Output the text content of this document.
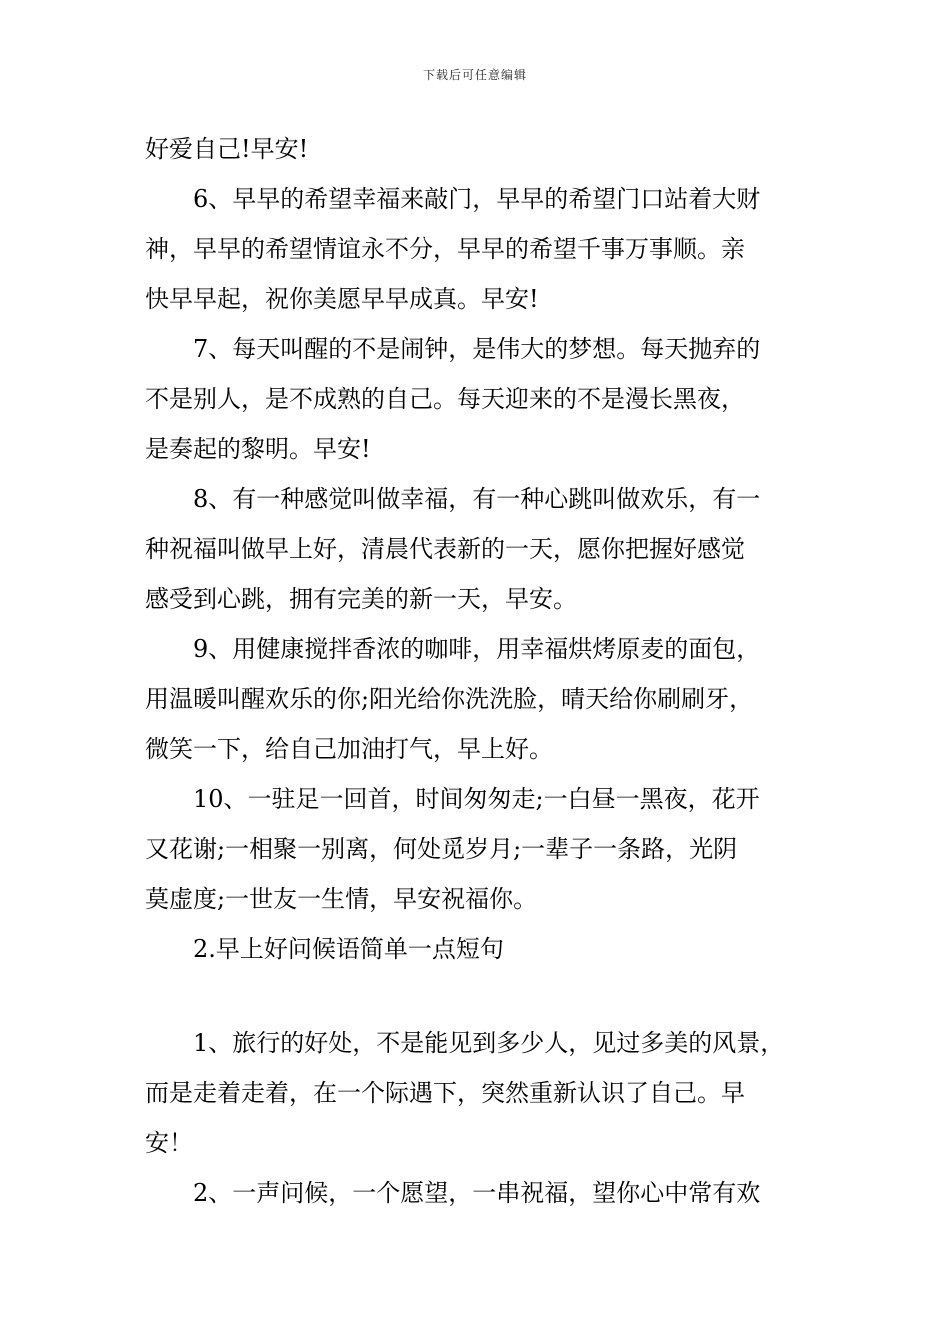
下载后可任意编辑
好爱自己!早安!
6、早早的希望幸福来敲门，早早的希望门口站着大财
神，早早的希望情谊永不分，早早的希望千事万事顺。亲
快早早起，祝你美愿早早成真。早安!
7、每天叫醒的不是闹钟，是伟大的梦想。每天抛弃的
不是别人，是不成熟的自己。每天迎来的不是漫长黑夜，
是奏起的黎明。早安!
8、有一种感觉叫做幸福，有一种心跳叫做欢乐，有一
种祝福叫做早上好，清晨代表新的一天，愿你把握好感觉
感受到心跳，拥有完美的新一天，早安。
9、用健康搅拌香浓的咖啡，用幸福烘烤原麦的面包，
用温暖叫醒欢乐的你;阳光给你洗洗脸，晴天给你刷刷牙，
微笑一下，给自己加油打气，早上好。
10、一驻足一回首，时间匆匆走;一白昼一黑夜，花开
又花谢;一相聚一别离，何处觅岁月;一辈子一条路，光阴
莫虚度;一世友一生情，早安祝福你。
2.早上好问候语简单一点短句
1、旅行的好处，不是能见到多少人，见过多美的风景，
而是走着走着，在一个际遇下，突然重新认识了自己。早
安！
2、一声问候，一个愿望，一串祝福，望你心中常有欢
